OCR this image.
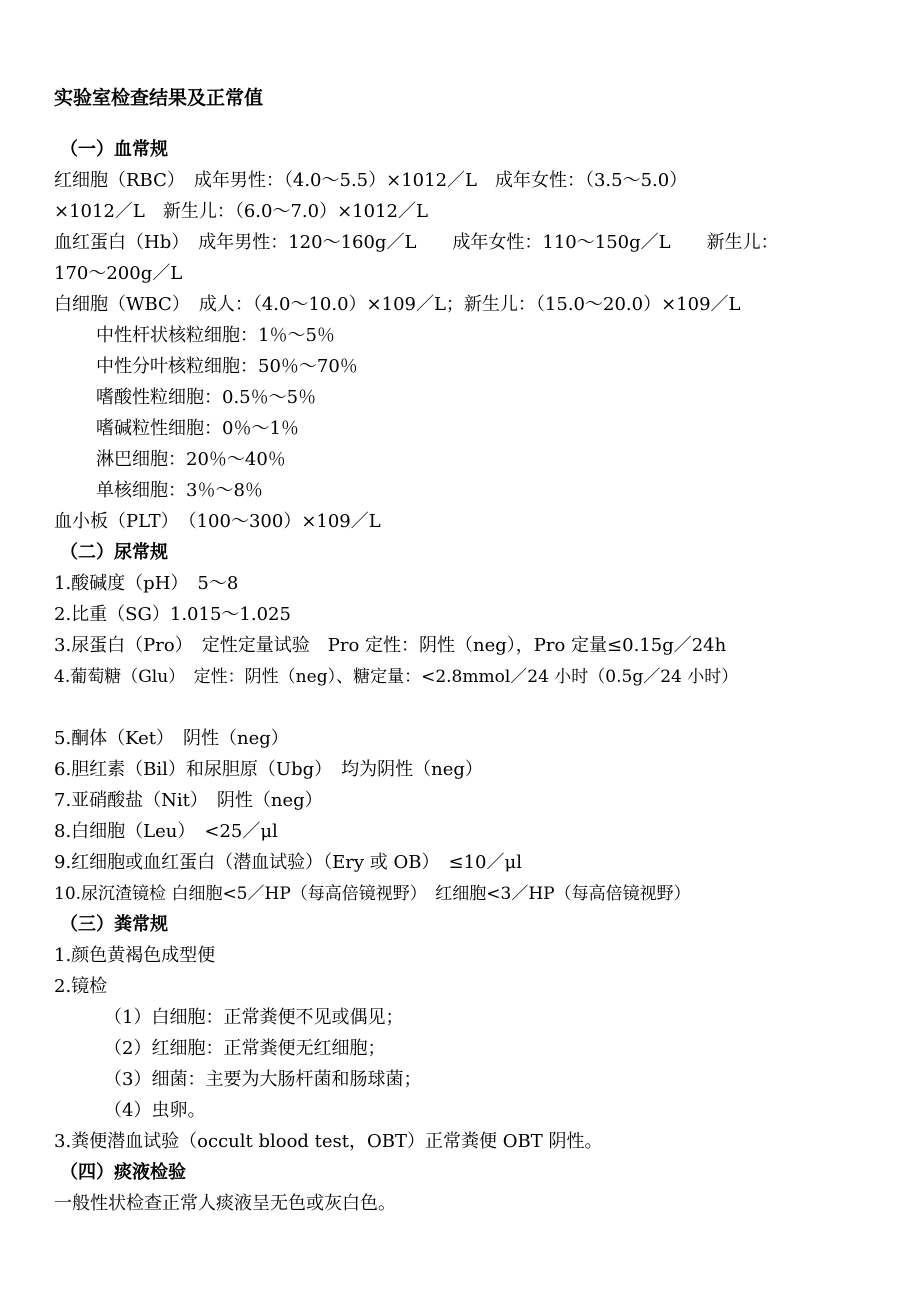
实验室检查结果及正常值
（一）血常规
红细胞（RBC）　成年男性：（4.0～5.5）×1012／L　成年女性：（3.5～5.0）
×1012／L　新生儿：（6.0～7.0）×1012／L
血红蛋白（Hb）　成年男性：120～160g／L　　成年女性：110～150g／L　　新生儿：
170～200g／L
白细胞（WBC）　成人：（4.0～10.0）×109／L；新生儿：（15.0～20.0）×109／L
中性杆状核粒细胞：1％～5％
中性分叶核粒细胞：50％～70％
嗜酸性粒细胞：0.5％～5％
嗜碱粒性细胞：0％～1％
淋巴细胞：20％～40％
单核细胞：3％～8％
血小板（PLT）　（100～300）×109／L
（二）尿常规
1.酸碱度（pH）　5～8
2.比重（SG）1.015～1.025
3.尿蛋白（Pro）　定性定量试验　Pro 定性：阴性（neg），Pro 定量≤0.15g／24h
4.葡萄糖（Glu）　定性：阴性（neg）、糖定量：<2.8mmol／24 小时（0.5g／24 小时）
5.酮体（Ket）　阴性（neg）
6.胆红素（Bil）和尿胆原（Ubg）　均为阴性（neg）
7.亚硝酸盐（Nit）　阴性（neg）
8.白细胞（Leu）　<25／μl
9.红细胞或血红蛋白（潜血试验）（Ery 或 OB）　≤10／μl
10.尿沉渣镜检 白细胞<5／HP（每高倍镜视野）　红细胞<3／HP（每高倍镜视野）
（三）粪常规
1.颜色黄褐色成型便
2.镜检
（1）白细胞：正常粪便不见或偶见；
（2）红细胞：正常粪便无红细胞；
（3）细菌：主要为大肠杆菌和肠球菌；
（4）虫卵。
3.粪便潜血试验（occult blood test，OBT）正常粪便 OBT 阴性。
（四）痰液检验
一般性状检查正常人痰液呈无色或灰白色。
